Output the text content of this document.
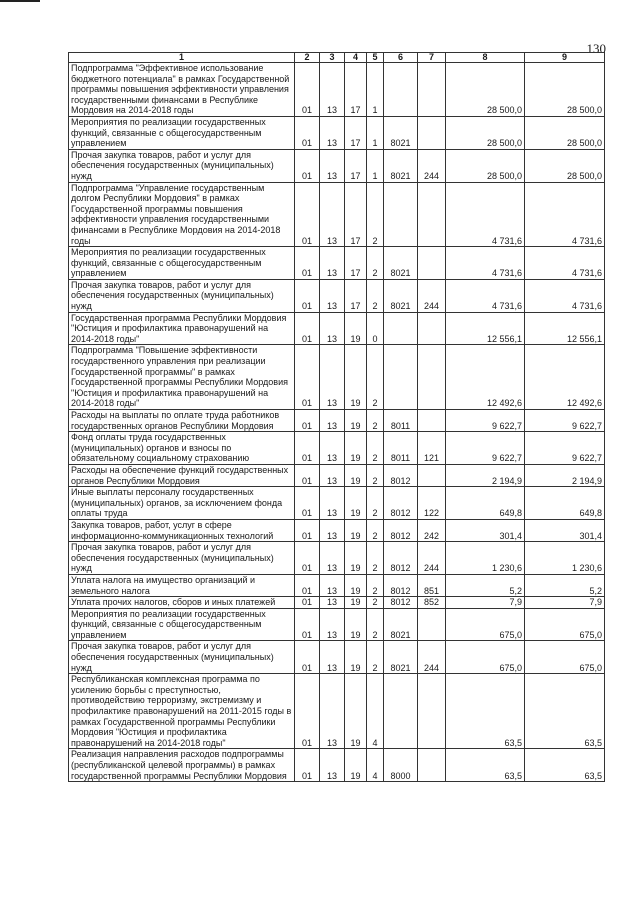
130
1	2	3	4	5	6	7	8	9
Подпрограмма "Эффективное использование бюджетного потенциала" в рамках Государственной программы повышения эффективности управления государственными финансами в Республике Мордовия на 2014-2018 годы	01	13	17	1			28 500,0	28 500,0
Мероприятия по реализации государственных функций, связанные с общегосударственным управлением	01	13	17	1	8021		28 500,0	28 500,0
Прочая закупка товаров, работ и услуг для обеспечения государственных (муниципальных) нужд	01	13	17	1	8021	244	28 500,0	28 500,0
Подпрограмма "Управление государственным долгом Республики Мордовия" в рамках Государственной программы повышения эффективности управления государственными финансами в Республике Мордовия на 2014-2018 годы	01	13	17	2			4 731,6	4 731,6
Мероприятия по реализации государственных функций, связанные с общегосударственным управлением	01	13	17	2	8021		4 731,6	4 731,6
Прочая закупка товаров, работ и услуг для обеспечения государственных (муниципальных) нужд	01	13	17	2	8021	244	4 731,6	4 731,6
Государственная программа Республики Мордовия "Юстиция и профилактика правонарушений на 2014-2018 годы"	01	13	19	0			12 556,1	12 556,1
Подпрограмма "Повышение эффективности государственного управления при реализации Государственной программы" в рамках Государственной программы Республики Мордовия "Юстиция и профилактика правонарушений на 2014-2018 годы"	01	13	19	2			12 492,6	12 492,6
Расходы на выплаты по оплате труда работников государственных органов Республики Мордовия	01	13	19	2	8011		9 622,7	9 622,7
Фонд оплаты труда государственных (муниципальных) органов и взносы по обязательному социальному страхованию	01	13	19	2	8011	121	9 622,7	9 622,7
Расходы на обеспечение функций государственных органов Республики Мордовия	01	13	19	2	8012		2 194,9	2 194,9
Иные выплаты персоналу государственных (муниципальных) органов, за исключением фонда оплаты труда	01	13	19	2	8012	122	649,8	649,8
Закупка товаров, работ, услуг в сфере информационно-коммуникационных технологий	01	13	19	2	8012	242	301,4	301,4
Прочая закупка товаров, работ и услуг для обеспечения государственных (муниципальных) нужд	01	13	19	2	8012	244	1 230,6	1 230,6
Уплата налога на имущество организаций и земельного налога	01	13	19	2	8012	851	5,2	5,2
Уплата прочих налогов, сборов и иных платежей	01	13	19	2	8012	852	7,9	7,9
Мероприятия по реализации государственных функций, связанные с общегосударственным управлением	01	13	19	2	8021		675,0	675,0
Прочая закупка товаров, работ и услуг для обеспечения государственных (муниципальных) нужд	01	13	19	2	8021	244	675,0	675,0
Республиканская комплексная программа по усилению борьбы с преступностью, противодействию терроризму, экстремизму и профилактике правонарушений на 2011-2015 годы в рамках Государственной программы Республики Мордовия "Юстиция и профилактика правонарушений на 2014-2018 годы"	01	13	19	4			63,5	63,5
Реализация направления расходов подпрограммы (республиканской целевой программы) в рамках государственной программы Республики Мордовия	01	13	19	4	8000		63,5	63,5
